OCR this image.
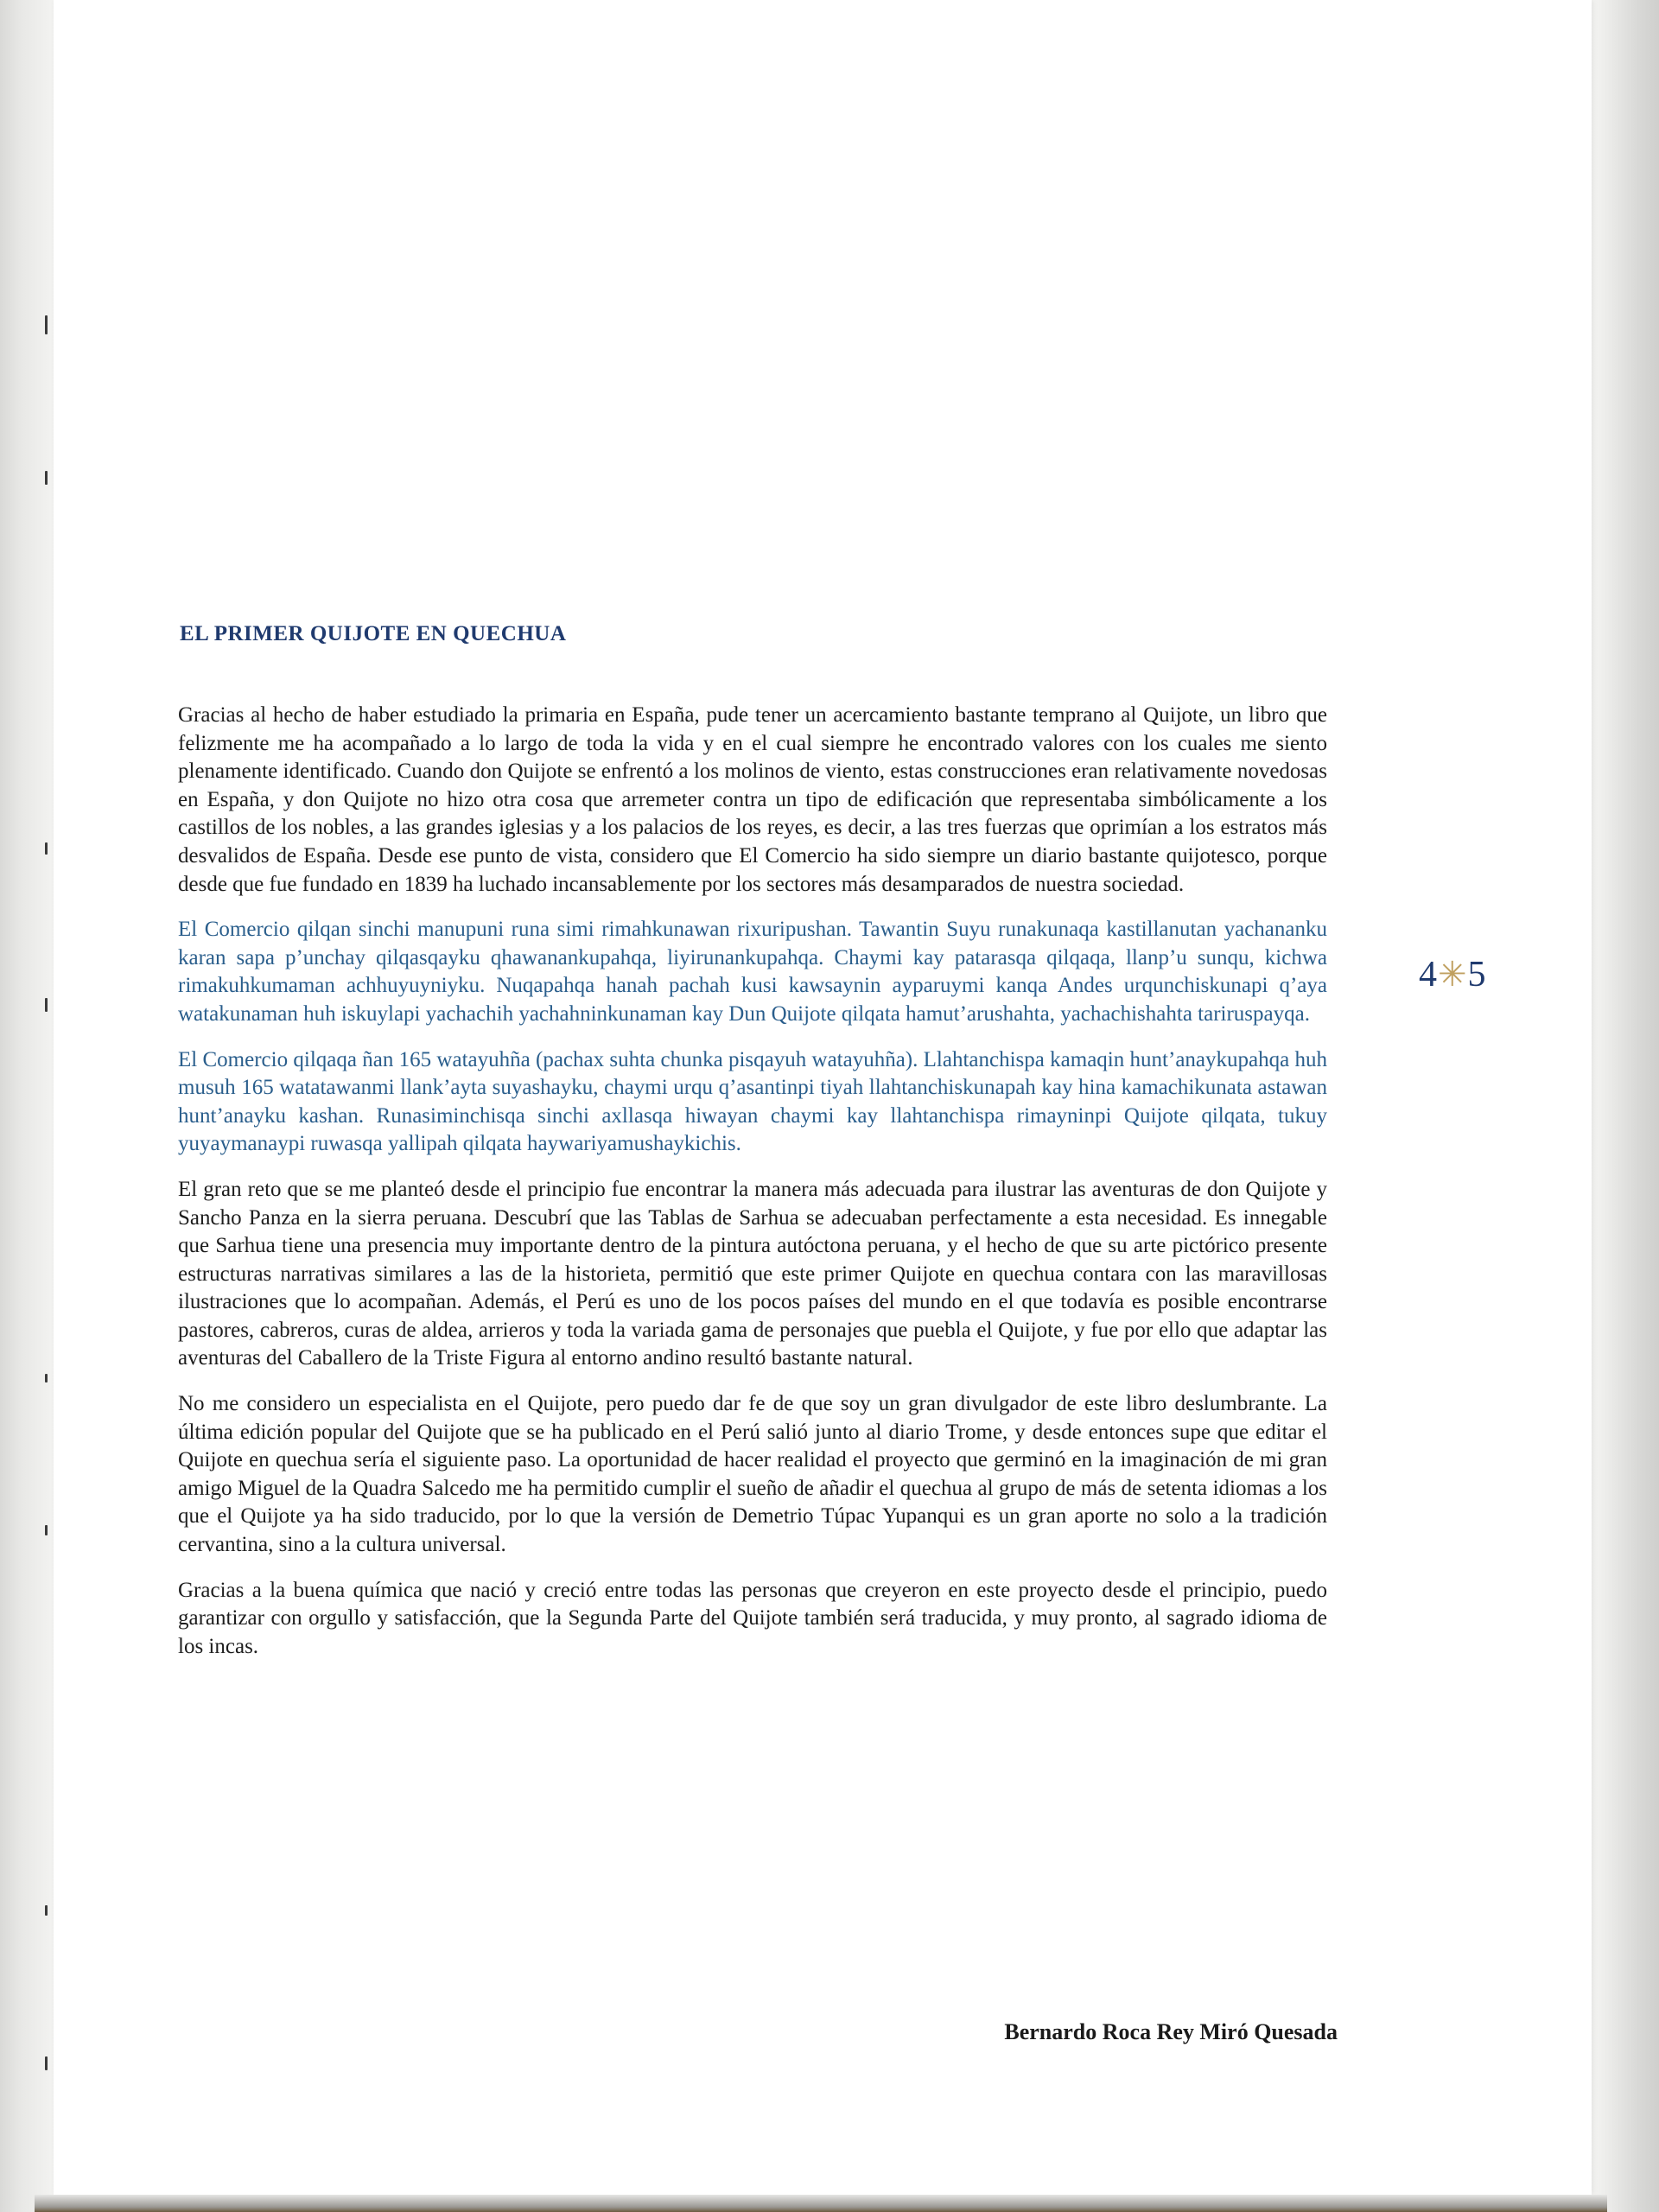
EL PRIMER QUIJOTE EN QUECHUA

Gracias al hecho de haber estudiado la primaria en España, pude tener un acercamiento bastante temprano al Quijote, un libro que felizmente me ha acompañado a lo largo de toda la vida y en el cual siempre he encontrado valores con los cuales me siento plenamente identificado. Cuando don Quijote se enfrentó a los molinos de viento, estas construcciones eran relativamente novedosas en España, y don Quijote no hizo otra cosa que arremeter contra un tipo de edificación que representaba simbólicamente a los castillos de los nobles, a las grandes iglesias y a los palacios de los reyes, es decir, a las tres fuerzas que oprimían a los estratos más desvalidos de España. Desde ese punto de vista, considero que El Comercio ha sido siempre un diario bastante quijotesco, porque desde que fue fundado en 1839 ha luchado incansablemente por los sectores más desamparados de nuestra sociedad.

El Comercio qilqan sinchi manupuni runa simi rimahkunawan rixuripushan. Tawantin Suyu runakunaqa kastillanutan yachananku karan sapa p’unchay qilqasqayku qhawanankupahqa, liyirunankupahqa. Chaymi kay patarasqa qilqaqa, llanp’u sunqu, kichwa rimakuhkumaman achhuyuyniyku. Nuqapahqa hanah pachah kusi kawsaynin ayparuymi kanqa Andes urqunchiskunapi q’aya watakunaman huh iskuylapi yachachih yachahninkunaman kay Dun Quijote qilqata hamut’arushahta, yachachishahta tariruspayqa.

El Comercio qilqaqa ñan 165 watayuhña (pachax suhta chunka pisqayuh watayuhña). Llahtanchispa kamaqin hunt’anaykupahqa huh musuh 165 watatawanmi llank’ayta suyashayku, chaymi urqu q’asantinpi tiyah llahtanchiskunapah kay hina kamachikunata astawan hunt’anayku kashan. Runasiminchisqa sinchi axllasqa hiwayan chaymi kay llahtanchispa rimayninpi Quijote qilqata, tukuy yuyaymanaypi ruwasqa yallipah qilqata haywariyamushaykichis.

El gran reto que se me planteó desde el principio fue encontrar la manera más adecuada para ilustrar las aventuras de don Quijote y Sancho Panza en la sierra peruana. Descubrí que las Tablas de Sarhua se adecuaban perfectamente a esta necesidad. Es innegable que Sarhua tiene una presencia muy importante dentro de la pintura autóctona peruana, y el hecho de que su arte pictórico presente estructuras narrativas similares a las de la historieta, permitió que este primer Quijote en quechua contara con las maravillosas ilustraciones que lo acompañan. Además, el Perú es uno de los pocos países del mundo en el que todavía es posible encontrarse pastores, cabreros, curas de aldea, arrieros y toda la variada gama de personajes que puebla el Quijote, y fue por ello que adaptar las aventuras del Caballero de la Triste Figura al entorno andino resultó bastante natural.

No me considero un especialista en el Quijote, pero puedo dar fe de que soy un gran divulgador de este libro deslumbrante. La última edición popular del Quijote que se ha publicado en el Perú salió junto al diario Trome, y desde entonces supe que editar el Quijote en quechua sería el siguiente paso. La oportunidad de hacer realidad el proyecto que germinó en la imaginación de mi gran amigo Miguel de la Quadra Salcedo me ha permitido cumplir el sueño de añadir el quechua al grupo de más de setenta idiomas a los que el Quijote ya ha sido traducido, por lo que la versión de Demetrio Túpac Yupanqui es un gran aporte no solo a la tradición cervantina, sino a la cultura universal.

Gracias a la buena química que nació y creció entre todas las personas que creyeron en este proyecto desde el principio, puedo garantizar con orgullo y satisfacción, que la Segunda Parte del Quijote también será traducida, y muy pronto, al sagrado idioma de los incas.

4✳5
Bernardo Roca Rey Miró Quesada
